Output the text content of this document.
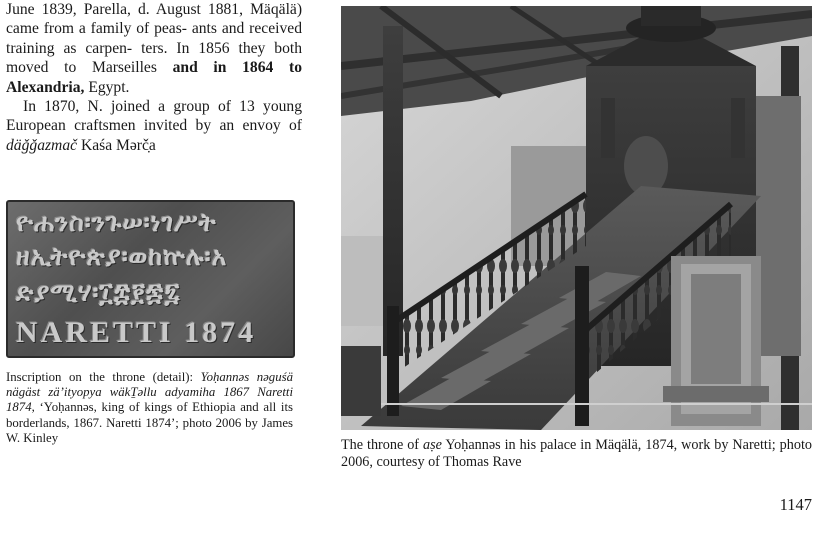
June 1839, Parella, d. August 1881, Mäqälä) came from a family of peas- ants and received training as carpen- ters. In 1856 they both moved to Marseilles and in 1864 to Alexandria, Egypt.

In 1870, N. joined a group of 13 young European craftsmen invited by an envoy of däǧǧazmač Kaśa Mərč̣a

ዮሐንስ፡ንጉሠ፡ነገሥት
ዘኢትዮጵያ፡ወከኵሉ፡አ
ድያሚሃ፡፲፰፻፷፯
NARETTI 1874
Inscription on the throne (detail): Yoḥannəs nəguśä nägäst zä’ityopya wäkṮəllu adyamiha 1867 Naretti 1874, ‘Yoḥannəs, king of kings of Ethiopia and all its borderlands, 1867. Naretti 1874’; photo 2006 by James W. Kinley	The throne of aṣe Yoḥannəs in his palace in Mäqälä, 1874, work by Naretti; photo 2006, courtesy of Thomas Rave
1147
